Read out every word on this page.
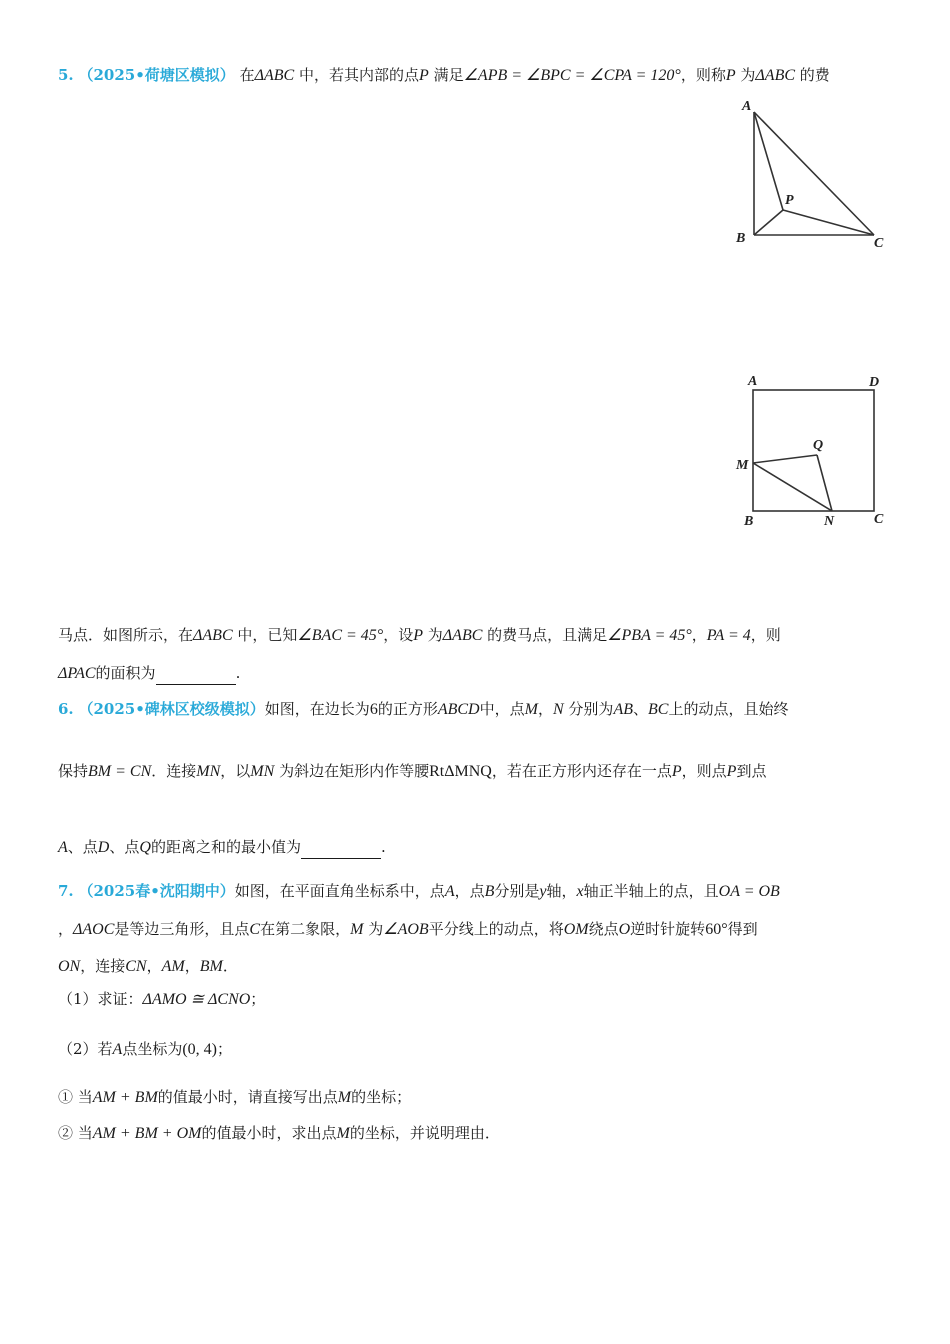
5. （2025•荷塘区模拟） 在ΔABC 中，若其内部的点P 满足∠APB = ∠BPC = ∠CPA = 120°，则称P 为ΔABC 的费
A
B	C
P
A	D
M
Q
B	N	C
马点．如图所示，在ΔABC 中，已知∠BAC = 45°，设P 为ΔABC 的费马点，且满足∠PBA = 45°，PA = 4，则
ΔPAC的面积为	.
6. （2025•碑林区校级模拟）如图，在边长为6的正方形ABCD中，点M，N 分别为AB、BC上的动点，且始终
保持BM = CN．连接MN，以MN 为斜边在矩形内作等腰RtΔMNQ，若在正方形内还存在一点P，则点P到点
A、点D、点Q的距离之和的最小值为	.
7. （2025春•沈阳期中）如图，在平面直角坐标系中，点A，点B分别是y轴，x轴正半轴上的点，且OA = OB
，ΔAOC是等边三角形，且点C在第二象限，M 为∠AOB平分线上的动点，将OM绕点O逆时针旋转60°得到
ON，连接CN，AM，BM．
（1）求证：ΔAMO ≅ ΔCNO；
（2）若A点坐标为(0, 4)；
① 当AM + BM的值最小时，请直接写出点M的坐标；
② 当AM + BM + OM的值最小时，求出点M的坐标，并说明理由．
